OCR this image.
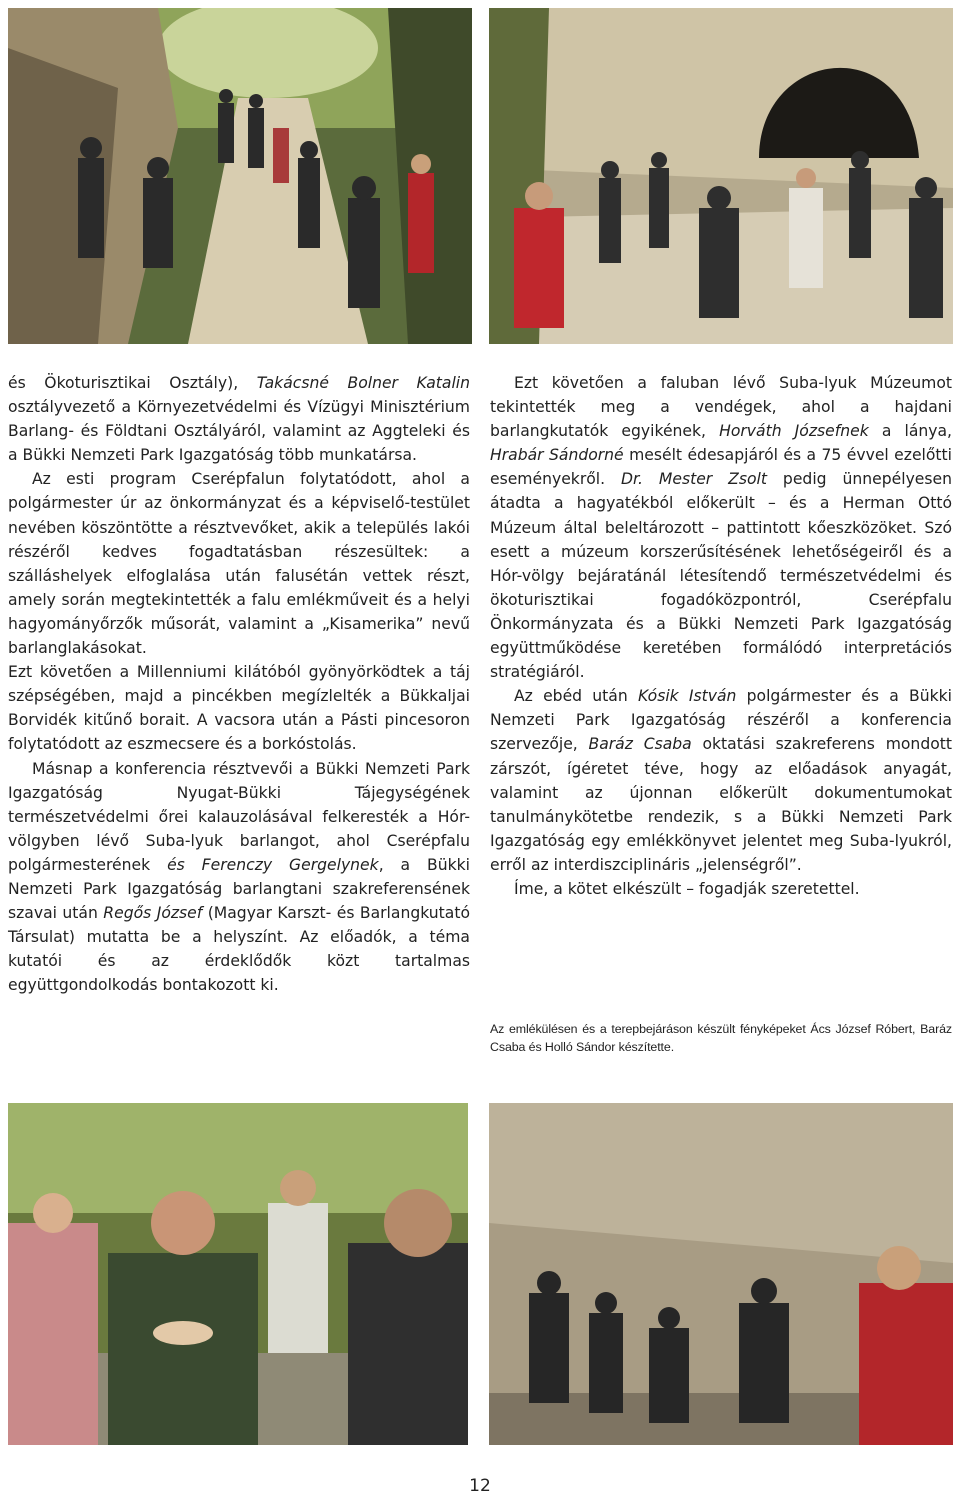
és Ökoturisztikai Osztály), Takácsné Bolner Katalin osztályvezető a Környezetvédelmi és Vízügyi Minisztérium Barlang- és Földtani Osztályáról, valamint az Aggteleki és a Bükki Nemzeti Park Igazgatóság több munkatársa.

Az esti program Cserépfalun folytatódott, ahol a polgármester úr az önkormányzat és a képviselő-testület nevében köszöntötte a résztvevőket, akik a település lakói részéről kedves fogadtatásban részesültek: a szálláshelyek elfoglalása után falusétán vettek részt, amely során megtekintették a falu emlékműveit és a helyi hagyományőrzők műsorát, valamint a „Kisamerika” nevű barlanglakásokat.

Ezt követően a Millenniumi kilátóból gyönyörködtek a táj szépségében, majd a pincékben megízlelték a Bükkaljai Borvidék kitűnő borait. A vacsora után a Pásti pincesoron folytatódott az eszmecsere és a borkóstolás.

Másnap a konferencia résztvevői a Bükki Nemzeti Park Igazgatóság Nyugat-Bükki Tájegységének természetvédelmi őrei kalauzolásával felkeresték a Hór-völgyben lévő Suba-lyuk barlangot, ahol Cserépfalu polgármesterének és Ferenczy Gergelynek, a Bükki Nemzeti Park Igazgatóság barlangtani szakreferensének szavai után Regős József (Magyar Karszt- és Barlangkutató Társulat) mutatta be a helyszínt. Az előadók, a téma kutatói és az érdeklődők közt tartalmas együttgondolkodás bontakozott ki.

Ezt követően a faluban lévő Suba-lyuk Múzeumot tekintették meg a vendégek, ahol a hajdani barlangkutatók egyikének, Horváth Józsefnek a lánya, Hrabár Sándorné mesélt édesapjáról és a 75 évvel ezelőtti eseményekről. Dr. Mester Zsolt pedig ünnepélyesen átadta a hagyatékból előkerült – és a Herman Ottó Múzeum által beleltározott – pattintott kőeszközöket. Szó esett a múzeum korszerűsítésének lehetőségeiről és a Hór-völgy bejáratánál létesítendő természetvédelmi és ökoturisztikai fogadóközpontról, Cserépfalu Önkormányzata és a Bükki Nemzeti Park Igazgatóság együttműködése keretében formálódó interpretációs stratégiáról.

Az ebéd után Kósik István polgármester és a Bükki Nemzeti Park Igazgatóság részéről a konferencia szervezője, Baráz Csaba oktatási szakreferens mondott zárszót, ígéretet téve, hogy az előadások anyagát, valamint az újonnan előkerült dokumentumokat tanulmánykötetbe rendezik, s a Bükki Nemzeti Park Igazgatóság egy emlékkönyvet jelentet meg Suba-lyukról, erről az interdiszciplináris „jelenségről”.

Íme, a kötet elkészült – fogadják szeretettel.

Az emlékülésen és a terepbejáráson készült fényképeket Ács József Róbert, Baráz Csaba és Holló Sándor készítette.
12
